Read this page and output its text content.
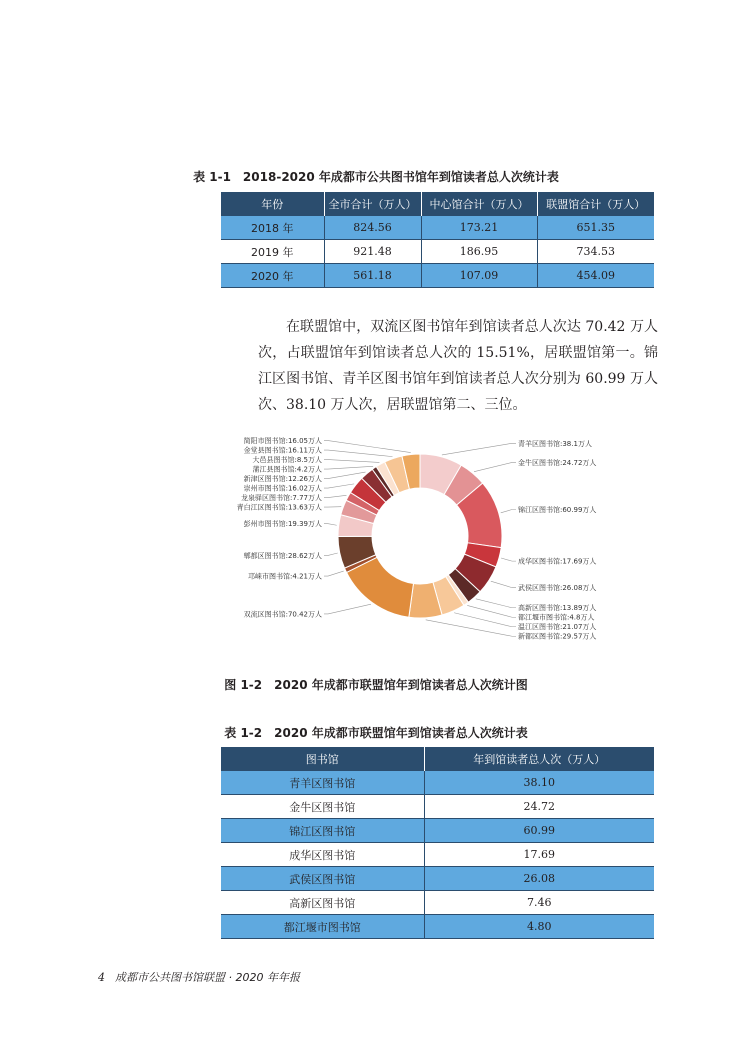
表 1-1　2018-2020 年成都市公共图书馆年到馆读者总人次统计表
年份	全市合计（万人）	中心馆合计（万人）	联盟馆合计（万人）
2018 年	824.56	173.21	651.35
2019 年	921.48	186.95	734.53
2020 年	561.18	107.09	454.09

在联盟馆中，双流区图书馆年到馆读者总人次达 70.42 万人次，占联盟馆年到馆读者总人次的 15.51%，居联盟馆第一。锦江区图书馆、青羊区图书馆年到馆读者总人次分别为 60.99 万人次、38.10 万人次，居联盟馆第二、三位。

青羊区图书馆:38.1万人
金牛区图书馆:24.72万人
锦江区图书馆:60.99万人
成华区图书馆:17.69万人
武侯区图书馆:26.08万人
高新区图书馆:13.89万人
都江堰市图书馆:4.8万人
温江区图书馆:21.07万人
新都区图书馆:29.57万人
简阳市图书馆:16.05万人
金堂县图书馆:16.11万人
大邑县图书馆:8.5万人
蒲江县图书馆:4.2万人
新津区图书馆:12.26万人
崇州市图书馆:16.02万人
龙泉驿区图书馆:7.77万人
青白江区图书馆:13.63万人
彭州市图书馆:19.39万人
郫都区图书馆:28.62万人
邛崃市图书馆:4.21万人
双流区图书馆:70.42万人
图 1-2　2020 年成都市联盟馆年到馆读者总人次统计图
表 1-2　2020 年成都市联盟馆年到馆读者总人次统计表
图书馆	年到馆读者总人次（万人）
青羊区图书馆	38.10
金牛区图书馆	24.72
锦江区图书馆	60.99
成华区图书馆	17.69
武侯区图书馆	26.08
高新区图书馆	7.46
都江堰市图书馆	4.80
4 成都市公共图书馆联盟 · 2020 年年报
